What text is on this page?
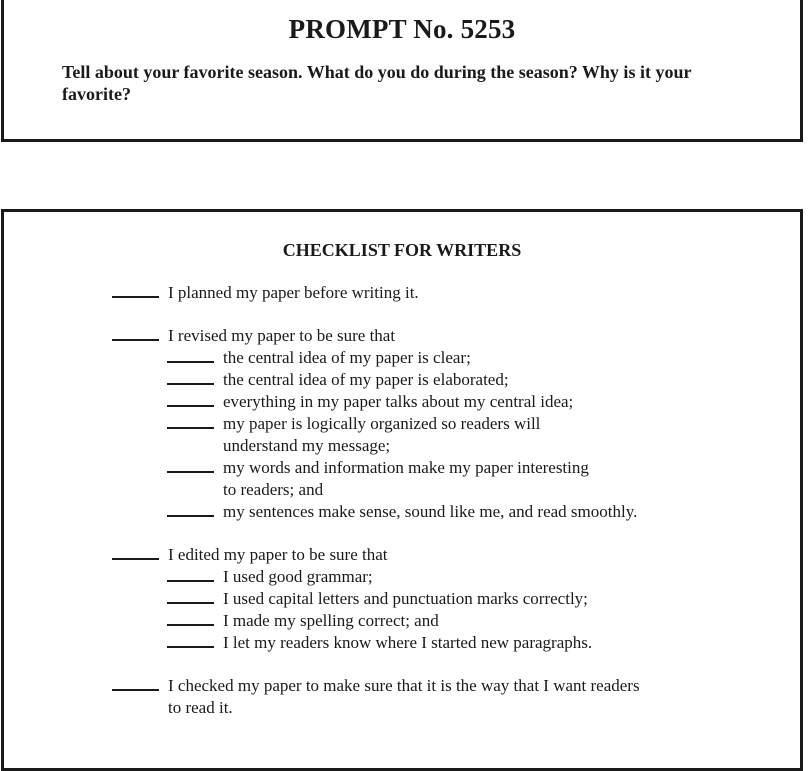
PROMPT No. 5253
Tell about your favorite season. What do you do during the season? Why is it your favorite?
CHECKLIST FOR WRITERS
I planned my paper before writing it.
I revised my paper to be sure that
the central idea of my paper is clear;
the central idea of my paper is elaborated;
everything in my paper talks about my central idea;
my paper is logically organized so readers will
understand my message;
my words and information make my paper interesting
to readers; and
my sentences make sense, sound like me, and read smoothly.
I edited my paper to be sure that
I used good grammar;
I used capital letters and punctuation marks correctly;
I made my spelling correct; and
I let my readers know where I started new paragraphs.
I checked my paper to make sure that it is the way that I want readers
to read it.
